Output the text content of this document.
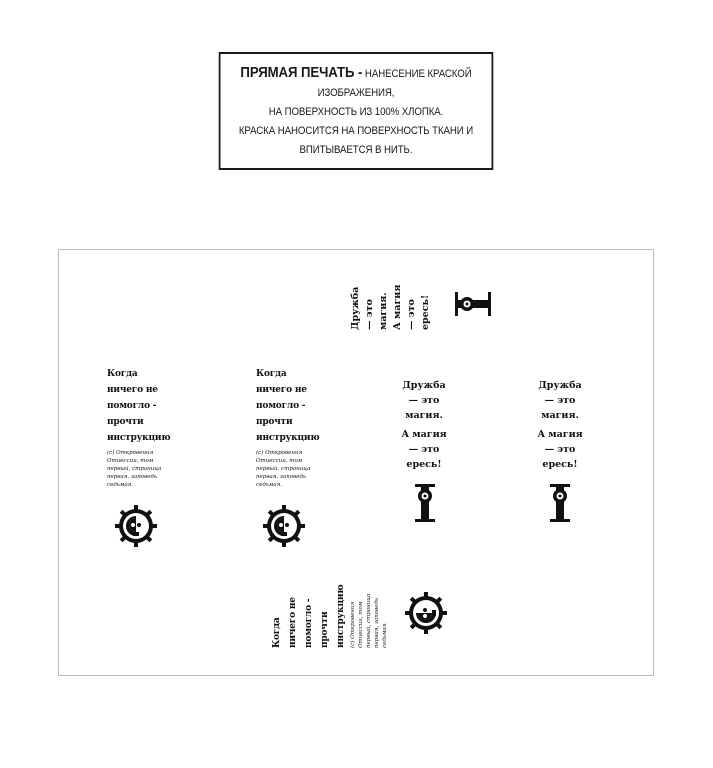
ПРЯМАЯ ПЕЧАТЬ - НАНЕСЕНИЕ КРАСКОЙ ИЗОБРАЖЕНИЯ,
НА ПОВЕРХНОСТЬ ИЗ 100% ХЛОПКА.
КРАСКА НАНОСИТСЯ НА ПОВЕРХНОСТЬ ТКАНИ И ВПИТЫВАЕТСЯ В НИТЬ.
Дружба — это магия. А магия — это ересь!
Когда
ничего не
помогло -
прочти
инструкцию
(с) Откровения
Отиессии, том
первый, страница
первая, заповедь
седьмая.
Когда
ничего не
помогло -
прочти
инструкцию
(с) Откровения
Отиессии, том
первый, страница
первая, заповедь
седьмая.
Дружба
— это
магия.
А магия
— это
ересь!
Дружба
— это
магия.
А магия
— это
ересь!
Когда ничего не помогло - прочти инструкцию (с) Откровения Отиессии, том первый, страница первая, заповедь седьмая.
